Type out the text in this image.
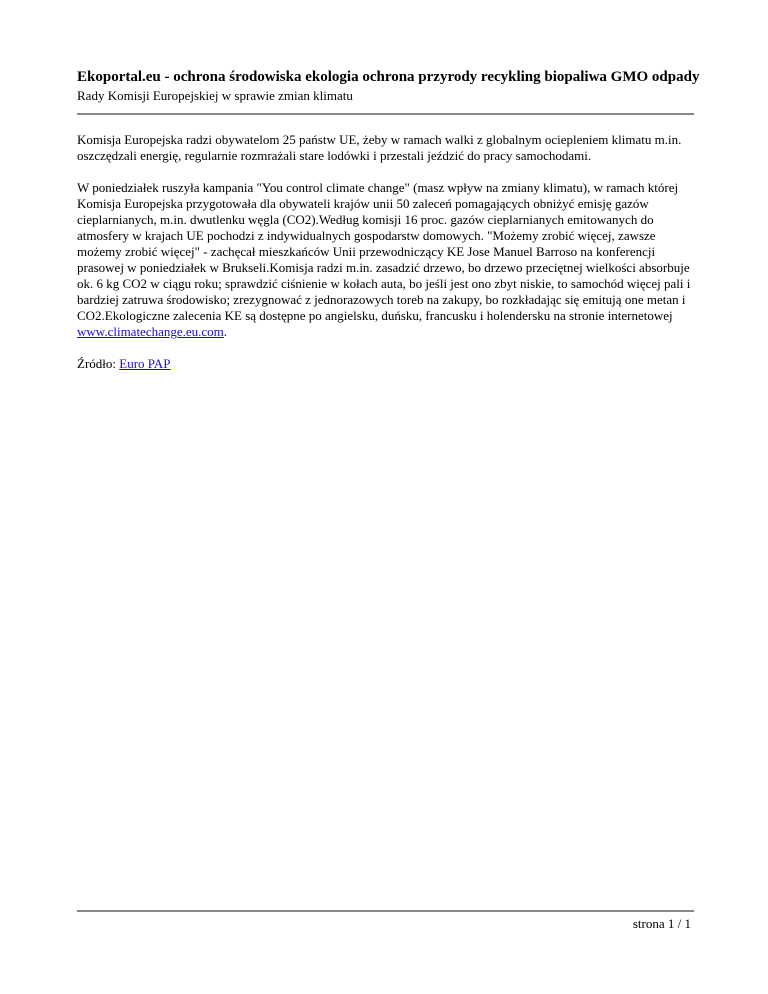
Ekoportal.eu - ochrona środowiska ekologia ochrona przyrody recykling biopaliwa GMO odpady
Rady Komisji Europejskiej w sprawie zmian klimatu

Komisja Europejska radzi obywatelom 25 państw UE, żeby w ramach walki z globalnym ociepleniem klimatu m.in. oszczędzali energię, regularnie rozmrażali stare lodówki i przestali jeździć do pracy samochodami.

W poniedziałek ruszyła kampania "You control climate change" (masz wpływ na zmiany klimatu), w ramach której Komisja Europejska przygotowała dla obywateli krajów unii 50 zaleceń pomagających obniżyć emisję gazów cieplarnianych, m.in. dwutlenku węgla (CO2).Według komisji 16 proc. gazów cieplarnianych emitowanych do atmosfery w krajach UE pochodzi z indywidualnych gospodarstw domowych. "Możemy zrobić więcej, zawsze możemy zrobić więcej" - zachęcał mieszkańców Unii przewodniczący KE Jose Manuel Barroso na konferencji prasowej w poniedziałek w Brukseli.Komisja radzi m.in. zasadzić drzewo, bo drzewo przeciętnej wielkości absorbuje ok. 6 kg CO2 w ciągu roku; sprawdzić ciśnienie w kołach auta, bo jeśli jest ono zbyt niskie, to samochód więcej pali i bardziej zatruwa środowisko; zrezygnować z jednorazowych toreb na zakupy, bo rozkładając się emitują one metan i CO2.Ekologiczne zalecenia KE są dostępne po angielsku, duńsku, francusku i holendersku na stronie internetowej www.climatechange.eu.com.

Źródło: Euro PAP

strona 1 / 1
